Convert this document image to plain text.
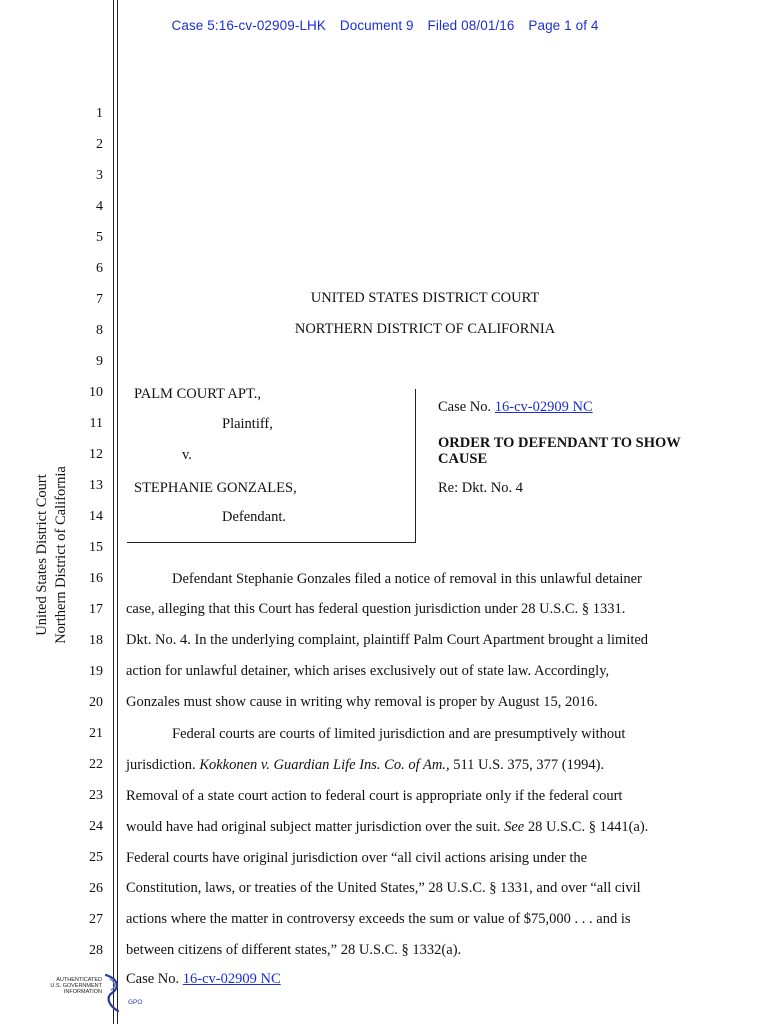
Case 5:16-cv-02909-LHK Document 9 Filed 08/01/16 Page 1 of 4
1
2
3
4
5
6
7
8
9
10
11
12
13
14
15
16
17
18
19
20
21
22
23
24
25
26
27
28
United States District Court Northern District of California
UNITED STATES DISTRICT COURT
NORTHERN DISTRICT OF CALIFORNIA
PALM COURT APT.,
Plaintiff,
v.
STEPHANIE GONZALES,
Defendant.
Case No. 16-cv-02909 NC
ORDER TO DEFENDANT TO SHOW
CAUSE
Re: Dkt. No. 4
Defendant Stephanie Gonzales filed a notice of removal in this unlawful detainer
case, alleging that this Court has federal question jurisdiction under 28 U.S.C. § 1331.
Dkt. No. 4. In the underlying complaint, plaintiff Palm Court Apartment brought a limited
action for unlawful detainer, which arises exclusively out of state law. Accordingly,
Gonzales must show cause in writing why removal is proper by August 15, 2016.
Federal courts are courts of limited jurisdiction and are presumptively without
jurisdiction. Kokkonen v. Guardian Life Ins. Co. of Am., 511 U.S. 375, 377 (1994).
Removal of a state court action to federal court is appropriate only if the federal court
would have had original subject matter jurisdiction over the suit. See 28 U.S.C. § 1441(a).
Federal courts have original jurisdiction over “all civil actions arising under the
Constitution, laws, or treaties of the United States,” 28 U.S.C. § 1331, and over “all civil
actions where the matter in controversy exceeds the sum or value of $75,000 . . . and is
between citizens of different states,” 28 U.S.C. § 1332(a).
Case No. 16-cv-02909 NC
AUTHENTICATED
U.S. GOVERNMENT
INFORMATION
GPO
